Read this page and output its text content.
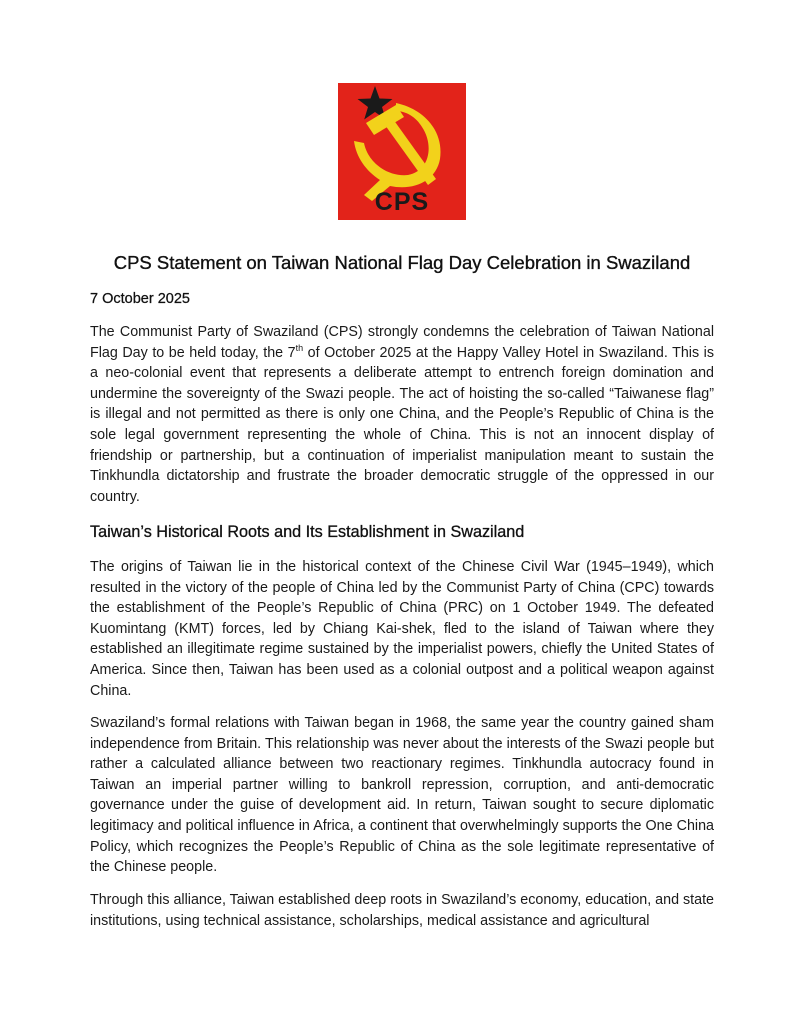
CPS
CPS Statement on Taiwan National Flag Day Celebration in Swaziland

7 October 2025

The Communist Party of Swaziland (CPS) strongly condemns the celebration of Taiwan National Flag Day to be held today, the 7th of October 2025 at the Happy Valley Hotel in Swaziland. This is a neo-colonial event that represents a deliberate attempt to entrench foreign domination and undermine the sovereignty of the Swazi people. The act of hoisting the so-called “Taiwanese flag” is illegal and not permitted as there is only one China, and the People’s Republic of China is the sole legal government representing the whole of China. This is not an innocent display of friendship or partnership, but a continuation of imperialist manipulation meant to sustain the Tinkhundla dictatorship and frustrate the broader democratic struggle of the oppressed in our country.

Taiwan’s Historical Roots and Its Establishment in Swaziland

The origins of Taiwan lie in the historical context of the Chinese Civil War (1945–1949), which resulted in the victory of the people of China led by the Communist Party of China (CPC) towards the establishment of the People’s Republic of China (PRC) on 1 October 1949. The defeated Kuomintang (KMT) forces, led by Chiang Kai-shek, fled to the island of Taiwan where they established an illegitimate regime sustained by the imperialist powers, chiefly the United States of America. Since then, Taiwan has been used as a colonial outpost and a political weapon against China.

Swaziland’s formal relations with Taiwan began in 1968, the same year the country gained sham independence from Britain. This relationship was never about the interests of the Swazi people but rather a calculated alliance between two reactionary regimes. Tinkhundla autocracy found in Taiwan an imperial partner willing to bankroll repression, corruption, and anti-democratic governance under the guise of development aid. In return, Taiwan sought to secure diplomatic legitimacy and political influence in Africa, a continent that overwhelmingly supports the One China Policy, which recognizes the People’s Republic of China as the sole legitimate representative of the Chinese people.

Through this alliance, Taiwan established deep roots in Swaziland’s economy, education, and state institutions, using technical assistance, scholarships, medical assistance and agricultural
